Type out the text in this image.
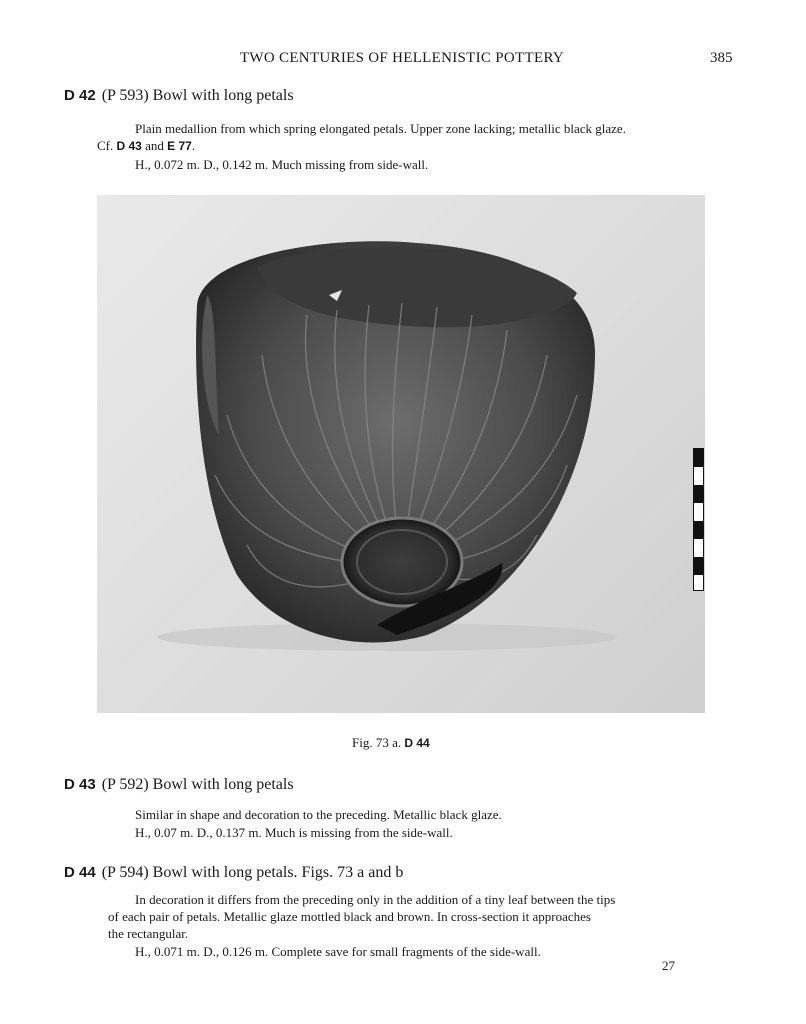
TWO CENTURIES OF HELLENISTIC POTTERY	385
D 42 (P 593) Bowl with long petals
Plain medallion from which spring elongated petals. Upper zone lacking; metallic black glaze.
Cf. D 43 and E 77.
H., 0.072 m. D., 0.142 m. Much missing from side-wall.
Fig. 73 a. D 44
D 43 (P 592) Bowl with long petals
Similar in shape and decoration to the preceding. Metallic black glaze.
H., 0.07 m. D., 0.137 m. Much is missing from the side-wall.
D 44 (P 594) Bowl with long petals. Figs. 73 a and b
In decoration it differs from the preceding only in the addition of a tiny leaf between the tips
of each pair of petals. Metallic glaze mottled black and brown. In cross-section it approaches
the rectangular.
H., 0.071 m. D., 0.126 m. Complete save for small fragments of the side-wall.
27
